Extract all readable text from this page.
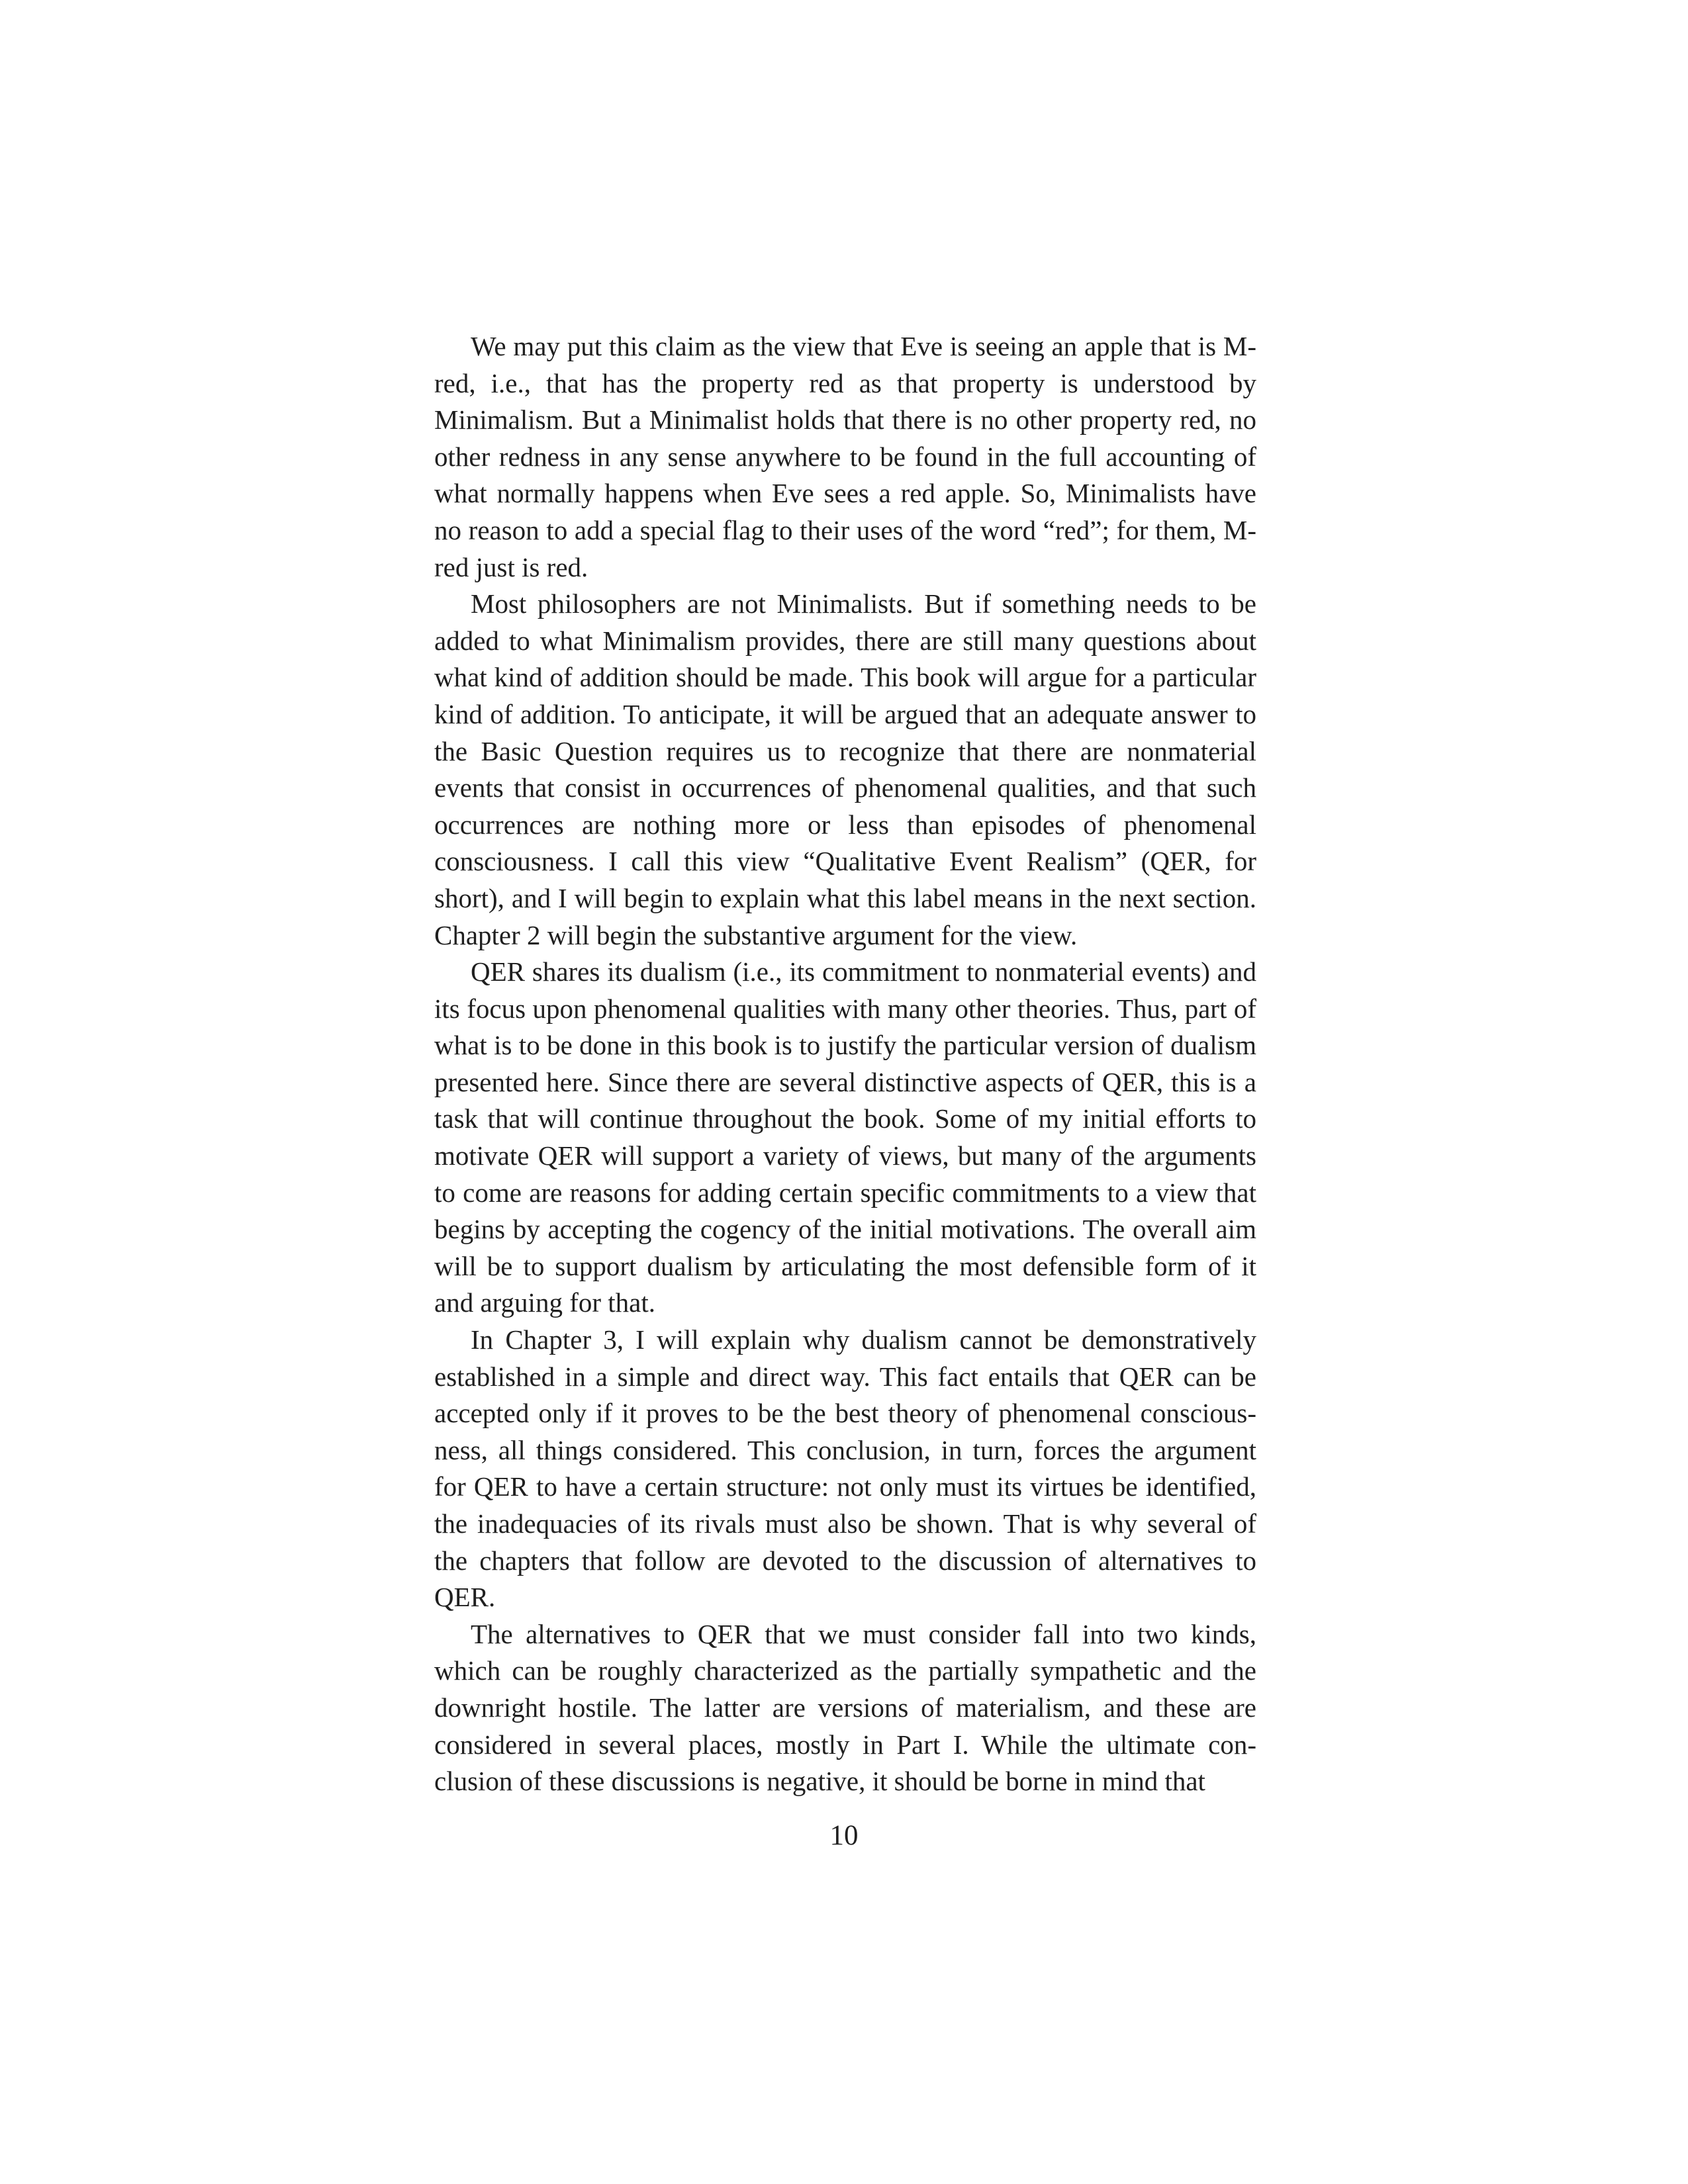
We may put this claim as the view that Eve is seeing an apple that is M-red, i.e., that has the property red as that property is understood by Minimalism. But a Minimalist holds that there is no other property red, no other redness in any sense anywhere to be found in the full accounting of what normally happens when Eve sees a red apple. So, Minimalists have no reason to add a special flag to their uses of the word “red”; for them, M-red just is red.

Most philosophers are not Minimalists. But if something needs to be added to what Minimalism provides, there are still many questions about what kind of addition should be made. This book will argue for a particular kind of addition. To anticipate, it will be argued that an adequate answer to the Basic Question requires us to recognize that there are nonmaterial events that consist in occurrences of phenomenal qualities, and that such occurrences are nothing more or less than episodes of phenomenal consciousness. I call this view “Qualitative Event Realism” (QER, for short), and I will begin to explain what this label means in the next section. Chapter 2 will begin the substantive argument for the view.

QER shares its dualism (i.e., its commitment to nonmaterial events) and its focus upon phenomenal qualities with many other theories. Thus, part of what is to be done in this book is to justify the particular version of dualism presented here. Since there are several distinctive aspects of QER, this is a task that will continue throughout the book. Some of my initial efforts to motivate QER will support a variety of views, but many of the arguments to come are reasons for adding certain specific commitments to a view that begins by accepting the cogency of the initial motivations. The overall aim will be to support dualism by articulating the most defensible form of it and arguing for that.

In Chapter 3, I will explain why dualism cannot be demonstratively established in a simple and direct way. This fact entails that QER can be accepted only if it proves to be the best theory of phenomenal consciousness, all things considered. This conclusion, in turn, forces the argument for QER to have a certain structure: not only must its virtues be identified, the inadequacies of its rivals must also be shown. That is why several of the chapters that follow are devoted to the discussion of alternatives to QER.

The alternatives to QER that we must consider fall into two kinds, which can be roughly characterized as the partially sympathetic and the downright hostile. The latter are versions of materialism, and these are considered in several places, mostly in Part I. While the ultimate conclusion of these discussions is negative, it should be borne in mind that

10
